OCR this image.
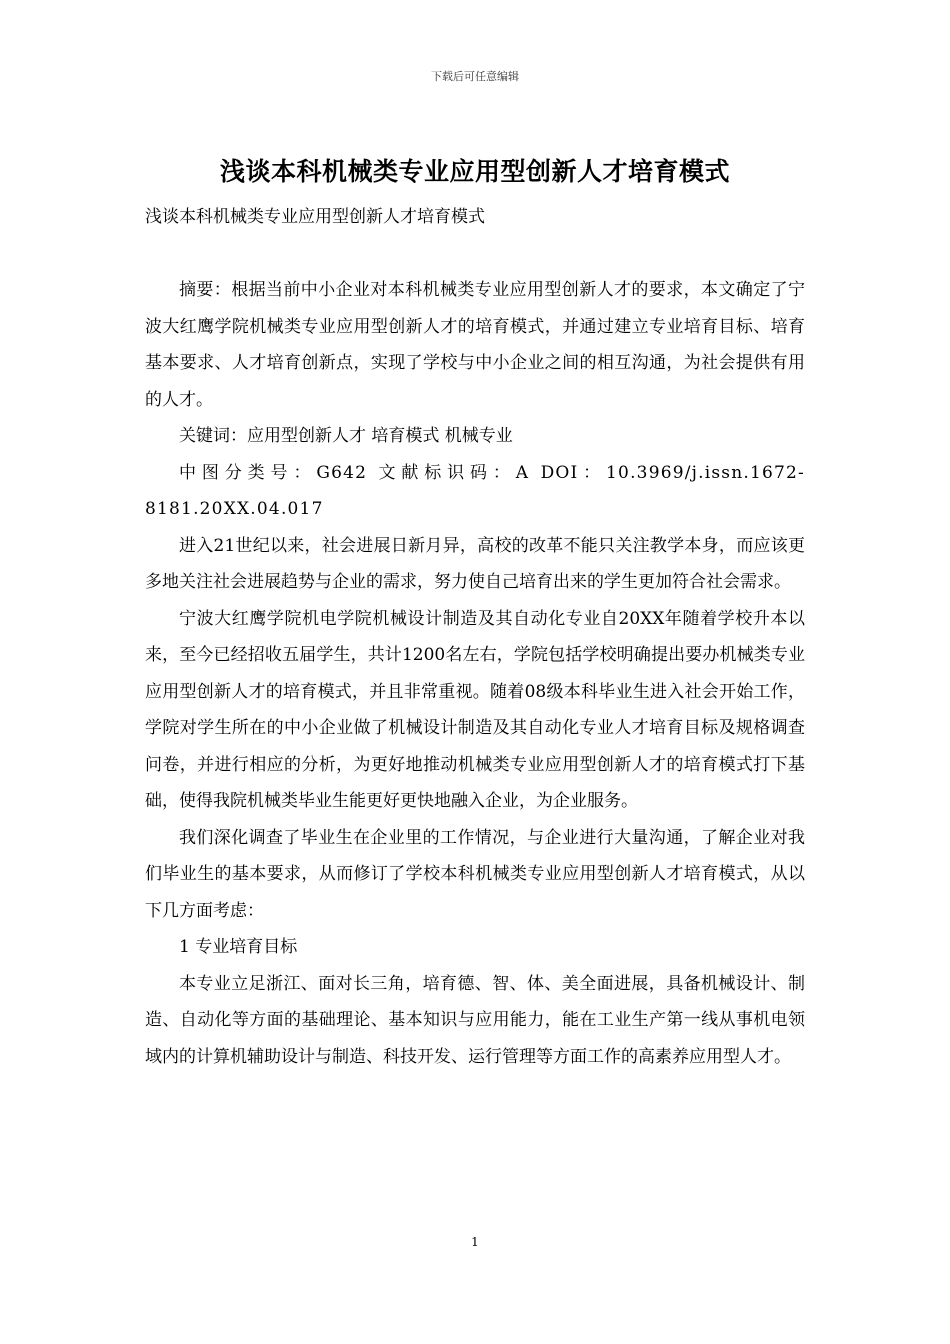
下载后可任意编辑
浅谈本科机械类专业应用型创新人才培育模式
浅谈本科机械类专业应用型创新人才培育模式

摘要：根据当前中小企业对本科机械类专业应用型创新人才的要求，本文确定了宁波大红鹰学院机械类专业应用型创新人才的培育模式，并通过建立专业培育目标、培育基本要求、人才培育创新点，实现了学校与中小企业之间的相互沟通，为社会提供有用的人才。

关键词：应用型创新人才 培育模式 机械专业

中图分类号：G642 文献标识码：A DOI：10.3969/j.issn.1672-8181.20XX.04.017

进入21世纪以来，社会进展日新月异，高校的改革不能只关注教学本身，而应该更多地关注社会进展趋势与企业的需求，努力使自己培育出来的学生更加符合社会需求。

宁波大红鹰学院机电学院机械设计制造及其自动化专业自20XX年随着学校升本以来，至今已经招收五届学生，共计1200名左右，学院包括学校明确提出要办机械类专业应用型创新人才的培育模式，并且非常重视。随着08级本科毕业生进入社会开始工作，学院对学生所在的中小企业做了机械设计制造及其自动化专业人才培育目标及规格调查问卷，并进行相应的分析，为更好地推动机械类专业应用型创新人才的培育模式打下基础，使得我院机械类毕业生能更好更快地融入企业，为企业服务。

我们深化调查了毕业生在企业里的工作情况，与企业进行大量沟通，了解企业对我们毕业生的基本要求，从而修订了学校本科机械类专业应用型创新人才培育模式，从以下几方面考虑：

1 专业培育目标

本专业立足浙江、面对长三角，培育德、智、体、美全面进展，具备机械设计、制造、自动化等方面的基础理论、基本知识与应用能力，能在工业生产第一线从事机电领域内的计算机辅助设计与制造、科技开发、运行管理等方面工作的高素养应用型人才。

1
